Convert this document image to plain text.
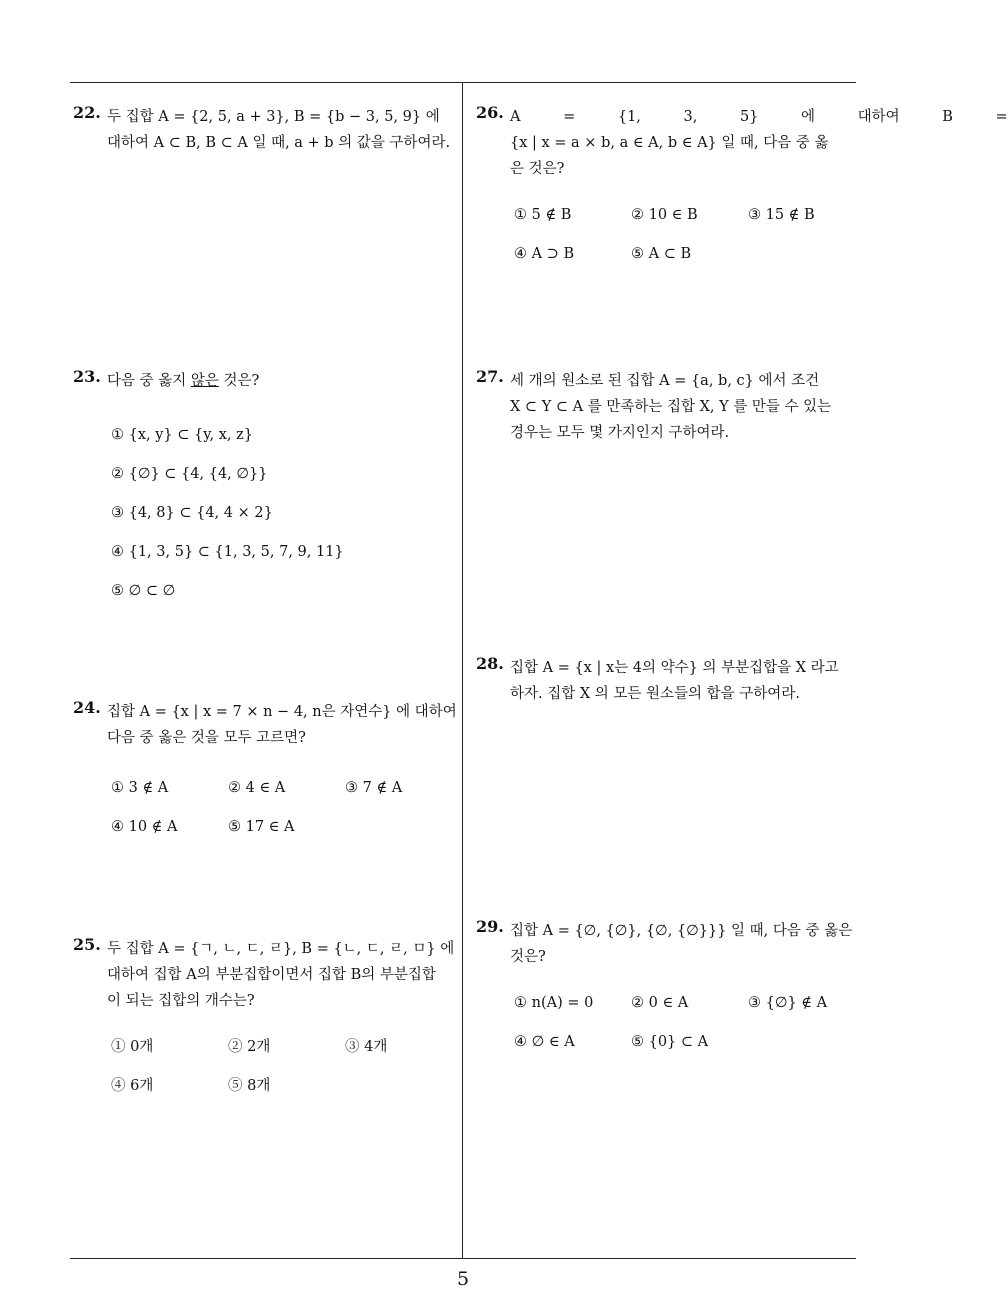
22. 두 집합 A = {2, 5, a + 3}, B = {b − 3, 5, 9} 에
대하여 A ⊂ B, B ⊂ A 일 때, a + b 의 값을 구하여라.
23. 다음 중 옳지 않은 것은?
① {x, y} ⊂ {y, x, z}
② {∅} ⊂ {4, {4, ∅}}
③ {4, 8} ⊂ {4, 4 × 2}
④ {1, 3, 5} ⊂ {1, 3, 5, 7, 9, 11}
⑤ ∅ ⊂ ∅
24. 집합 A = {x | x = 7 × n − 4, n은 자연수} 에 대하여
다음 중 옳은 것을 모두 고르면?
① 3 ∉ A	② 4 ∈ A	③ 7 ∉ A
④ 10 ∉ A	⑤ 17 ∈ A
25. 두 집합 A = {ㄱ, ㄴ, ㄷ, ㄹ}, B = {ㄴ, ㄷ, ㄹ, ㅁ} 에
대하여 집합 A의 부분집합이면서 집합 B의 부분집합
이 되는 집합의 개수는?
① 0개	② 2개	③ 4개
④ 6개	⑤ 8개
26. A = {1, 3, 5} 에 대하여 B =
{x | x = a × b, a ∈ A, b ∈ A} 일 때, 다음 중 옳
은 것은?
① 5 ∉ B	② 10 ∈ B	③ 15 ∉ B
④ A ⊃ B	⑤ A ⊂ B
27. 세 개의 원소로 된 집합 A = {a, b, c} 에서 조건
X ⊂ Y ⊂ A 를 만족하는 집합 X, Y 를 만들 수 있는
경우는 모두 몇 가지인지 구하여라.
28. 집합 A = {x | x는 4의 약수} 의 부분집합을 X 라고
하자. 집합 X 의 모든 원소들의 합을 구하여라.
29. 집합 A = {∅, {∅}, {∅, {∅}}} 일 때, 다음 중 옳은
것은?
① n(A) = 0	② 0 ∈ A	③ {∅} ∉ A
④ ∅ ∈ A	⑤ {0} ⊂ A
5
